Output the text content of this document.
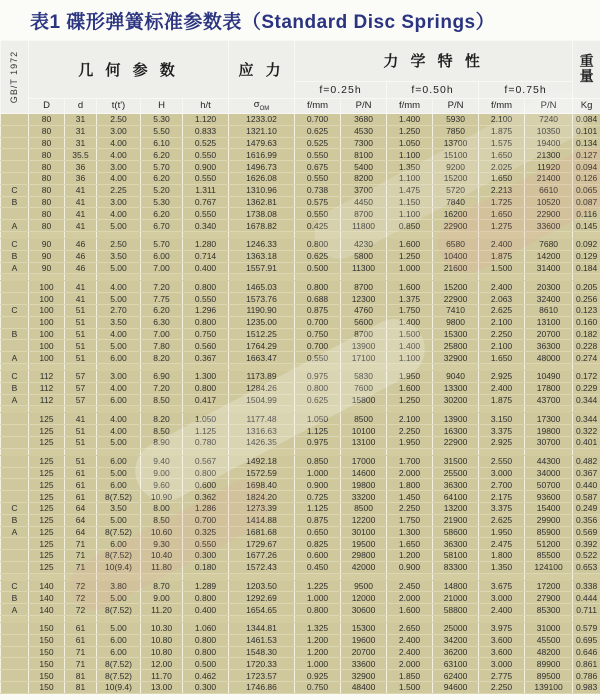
表1 碟形弹簧标准参数表（Standard Disc Springs）
GB/T 1972	几 何 参 数					应 力	力 学 特 性						重
量

							f=0.25h		f=0.50h		f=0.75h		
	D	d	t(t')	H	h/t	$\sigma_{OM}$	f/mm	P/N	f/mm	P/N	f/mm	P/N	Kg
	80	31	2.50	5.30	1.120	1233.02	0.700	3680	1.400	5930	2.100	7240	0.084
	80	31	3.00	5.50	0.833	1321.10	0.625	4530	1.250	7850	1.875	10350	0.101
	80	31	4.00	6.10	0.525	1479.63	0.525	7300	1.050	13700	1.575	19400	0.134
	80	35.5	4.00	6.20	0.550	1616.99	0.550	8100	1.100	15100	1.650	21300	0.127
	80	36	3.00	5.70	0.900	1496.73	0.675	5400	1.350	9200	2.025	11920	0.094
	80	36	4.00	6.20	0.550	1626.08	0.550	8200	1.100	15200	1.650	21400	0.126
C	80	41	2.25	5.20	1.311	1310.96	0.738	3700	1.475	5720	2.213	6610	0.065
B	80	41	3.00	5.30	0.767	1362.81	0.575	4450	1.150	7840	1.725	10520	0.087
	80	41	4.00	6.20	0.550	1738.08	0.550	8700	1.100	16200	1.650	22900	0.116
A	80	41	5.00	6.70	0.340	1678.82	0.425	11800	0.850	22900	1.275	33600	0.145

C	90	46	2.50	5.70	1.280	1246.33	0.800	4230	1.600	6580	2.400	7680	0.092
B	90	46	3.50	6.00	0.714	1363.18	0.625	5800	1.250	10400	1.875	14200	0.129
A	90	46	5.00	7.00	0.400	1557.91	0.500	11300	1.000	21600	1.500	31400	0.184

	100	41	4.00	7.20	0.800	1465.03	0.800	8700	1.600	15200	2.400	20300	0.205
	100	41	5.00	7.75	0.550	1573.76	0.688	12300	1.375	22900	2.063	32400	0.256
C	100	51	2.70	6.20	1.296	1190.90	0.875	4760	1.750	7410	2.625	8610	0.123
	100	51	3.50	6.30	0.800	1235.00	0.700	5600	1.400	9800	2.100	13100	0.160
B	100	51	4.00	7.00	0.750	1512.25	0.750	8700	1.500	15300	2.250	20700	0.182
	100	51	5.00	7.80	0.560	1764.29	0.700	13900	1.400	25800	2.100	36300	0.228
A	100	51	6.00	8.20	0.367	1663.47	0.550	17100	1.100	32900	1.650	48000	0.274

C	112	57	3.00	6.90	1.300	1173.89	0.975	5830	1.950	9040	2.925	10490	0.172
B	112	57	4.00	7.20	0.800	1284.26	0.800	7600	1.600	13300	2.400	17800	0.229
A	112	57	6.00	8.50	0.417	1504.99	0.625	15800	1.250	30200	1.875	43700	0.344

	125	41	4.00	8.20	1.050	1177.48	1.050	8500	2.100	13900	3.150	17300	0.344
	125	51	4.00	8.50	1.125	1316.63	1.125	10100	2.250	16300	3.375	19800	0.322
	125	51	5.00	8.90	0.780	1426.35	0.975	13100	1.950	22900	2.925	30700	0.401

	125	51	6.00	9.40	0.567	1492.18	0.850	17000	1.700	31500	2.550	44300	0.482
	125	61	5.00	9.00	0.800	1572.59	1.000	14600	2.000	25500	3.000	34000	0.367
	125	61	6.00	9.60	0.600	1698.40	0.900	19800	1.800	36300	2.700	50700	0.440
	125	61	8(7.52)	10.90	0.362	1824.20	0.725	33200	1.450	64100	2.175	93600	0.587
C	125	64	3.50	8.00	1.286	1273.39	1.125	8500	2.250	13200	3.375	15400	0.249
B	125	64	5.00	8.50	0.700	1414.88	0.875	12200	1.750	21900	2.625	29900	0.356
A	125	64	8(7.52)	10.60	0.325	1681.68	0.650	30100	1.300	58600	1.950	85900	0.569
	125	71	6.00	9.30	0.550	1729.67	0.825	19500	1.650	36300	2.475	51200	0.392
	125	71	8(7.52)	10.40	0.300	1677.26	0.600	29800	1.200	58100	1.800	85500	0.522
	125	71	10(9.4)	11.80	0.180	1572.43	0.450	42000	0.900	83300	1.350	124100	0.653

C	140	72	3.80	8.70	1.289	1203.50	1.225	9500	2.450	14800	3.675	17200	0.338
B	140	72	5.00	9.00	0.800	1292.69	1.000	12000	2.000	21000	3.000	27900	0.444
A	140	72	8(7.52)	11.20	0.400	1654.65	0.800	30600	1.600	58800	2.400	85300	0.711

	150	61	5.00	10.30	1.060	1344.81	1.325	15300	2.650	25000	3.975	31000	0.579
	150	61	6.00	10.80	0.800	1461.53	1.200	19600	2.400	34200	3.600	45500	0.695
	150	71	6.00	10.80	0.800	1548.30	1.200	20700	2.400	36200	3.600	48200	0.646
	150	71	8(7.52)	12.00	0.500	1720.33	1.000	33600	2.000	63100	3.000	89900	0.861
	150	81	8(7.52)	11.70	0.462	1723.57	0.925	32900	1.850	62400	2.775	89500	0.786
	150	81	10(9.4)	13.00	0.300	1746.86	0.750	48400	1.500	94600	2.250	139100	0.983
